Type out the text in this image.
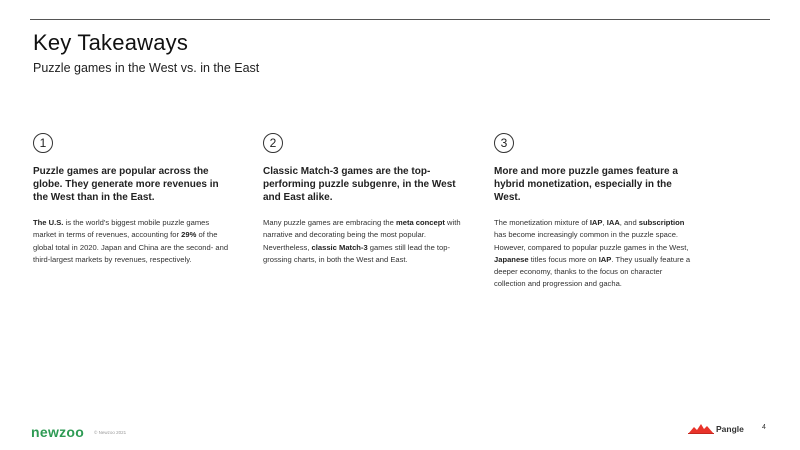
Key Takeaways

Puzzle games in the West vs. in the East

1
Puzzle games are popular across the globe. They generate more revenues in the West than in the East.
The U.S. is the world's biggest mobile puzzle games market in terms of revenues, accounting for 29% of the global total in 2020. Japan and China are the second- and third-largest markets by revenues, respectively.
2
Classic Match-3 games are the top-performing puzzle subgenre, in the West and East alike.
Many puzzle games are embracing the meta concept with narrative and decorating being the most popular. Nevertheless, classic Match-3 games still lead the top-grossing charts, in both the West and East.
3
More and more puzzle games feature a hybrid monetization, especially in the West.
The monetization mixture of IAP, IAA, and subscription has become increasingly common in the puzzle space. However, compared to popular puzzle games in the West, Japanese titles focus more on IAP. They usually feature a deeper economy, thanks to the focus on character collection and progression and gacha.
newzoo © Newzoo 2021	Pangle	4
